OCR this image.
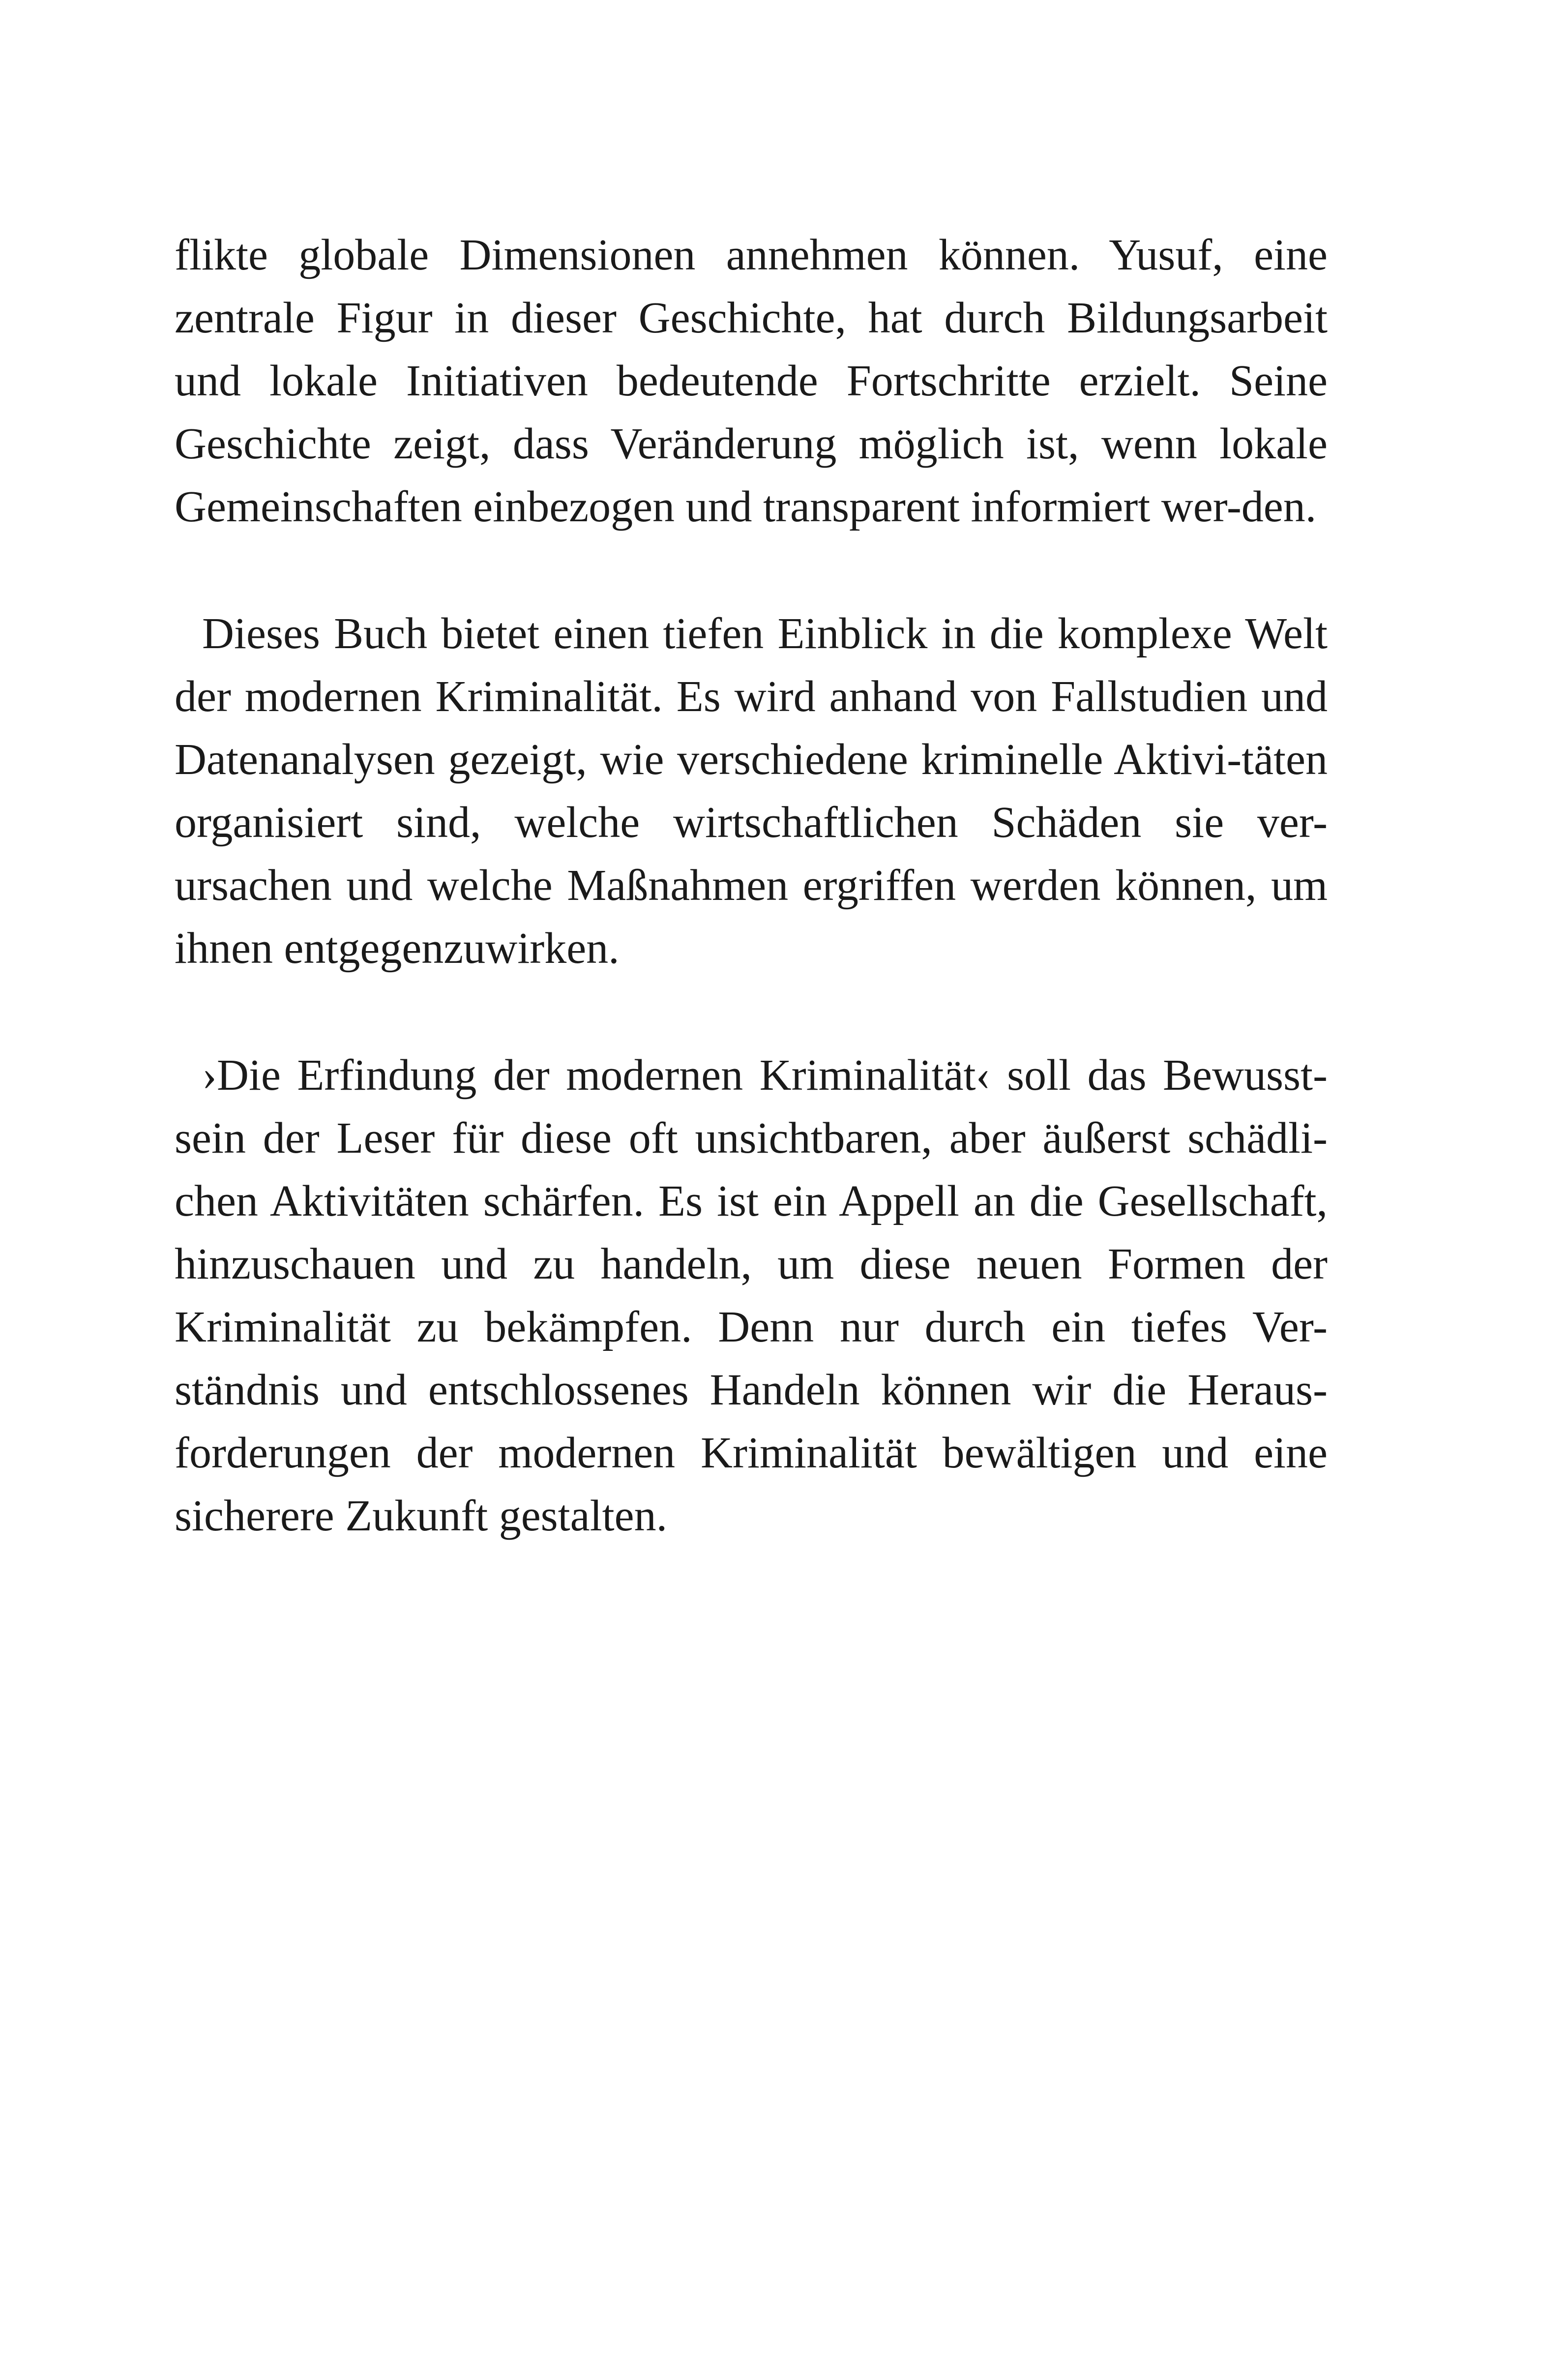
flikte globale Dimensionen annehmen können. Yusuf, eine zentrale Figur in dieser Geschichte, hat durch Bildungsarbeit und lokale Initiativen bedeutende Fortschritte erzielt. Seine Geschichte zeigt, dass Veränderung möglich ist, wenn lokale Gemeinschaften einbezogen und transparent informiert wer-den.

Dieses Buch bietet einen tiefen Einblick in die komplexe Welt der modernen Kriminalität. Es wird anhand von Fallstudien und Datenanalysen gezeigt, wie verschiedene kriminelle Aktivi-täten organisiert sind, welche wirtschaftlichen Schäden sie ver-ursachen und welche Maßnahmen ergriffen werden können, um ihnen entgegenzuwirken.

›Die Erfindung der modernen Kriminalität‹ soll das Bewusst-sein der Leser für diese oft unsichtbaren, aber äußerst schädli-chen Aktivitäten schärfen. Es ist ein Appell an die Gesellschaft, hinzuschauen und zu handeln, um diese neuen Formen der Kriminalität zu bekämpfen. Denn nur durch ein tiefes Ver-ständnis und entschlossenes Handeln können wir die Heraus-forderungen der modernen Kriminalität bewältigen und eine sicherere Zukunft gestalten.
